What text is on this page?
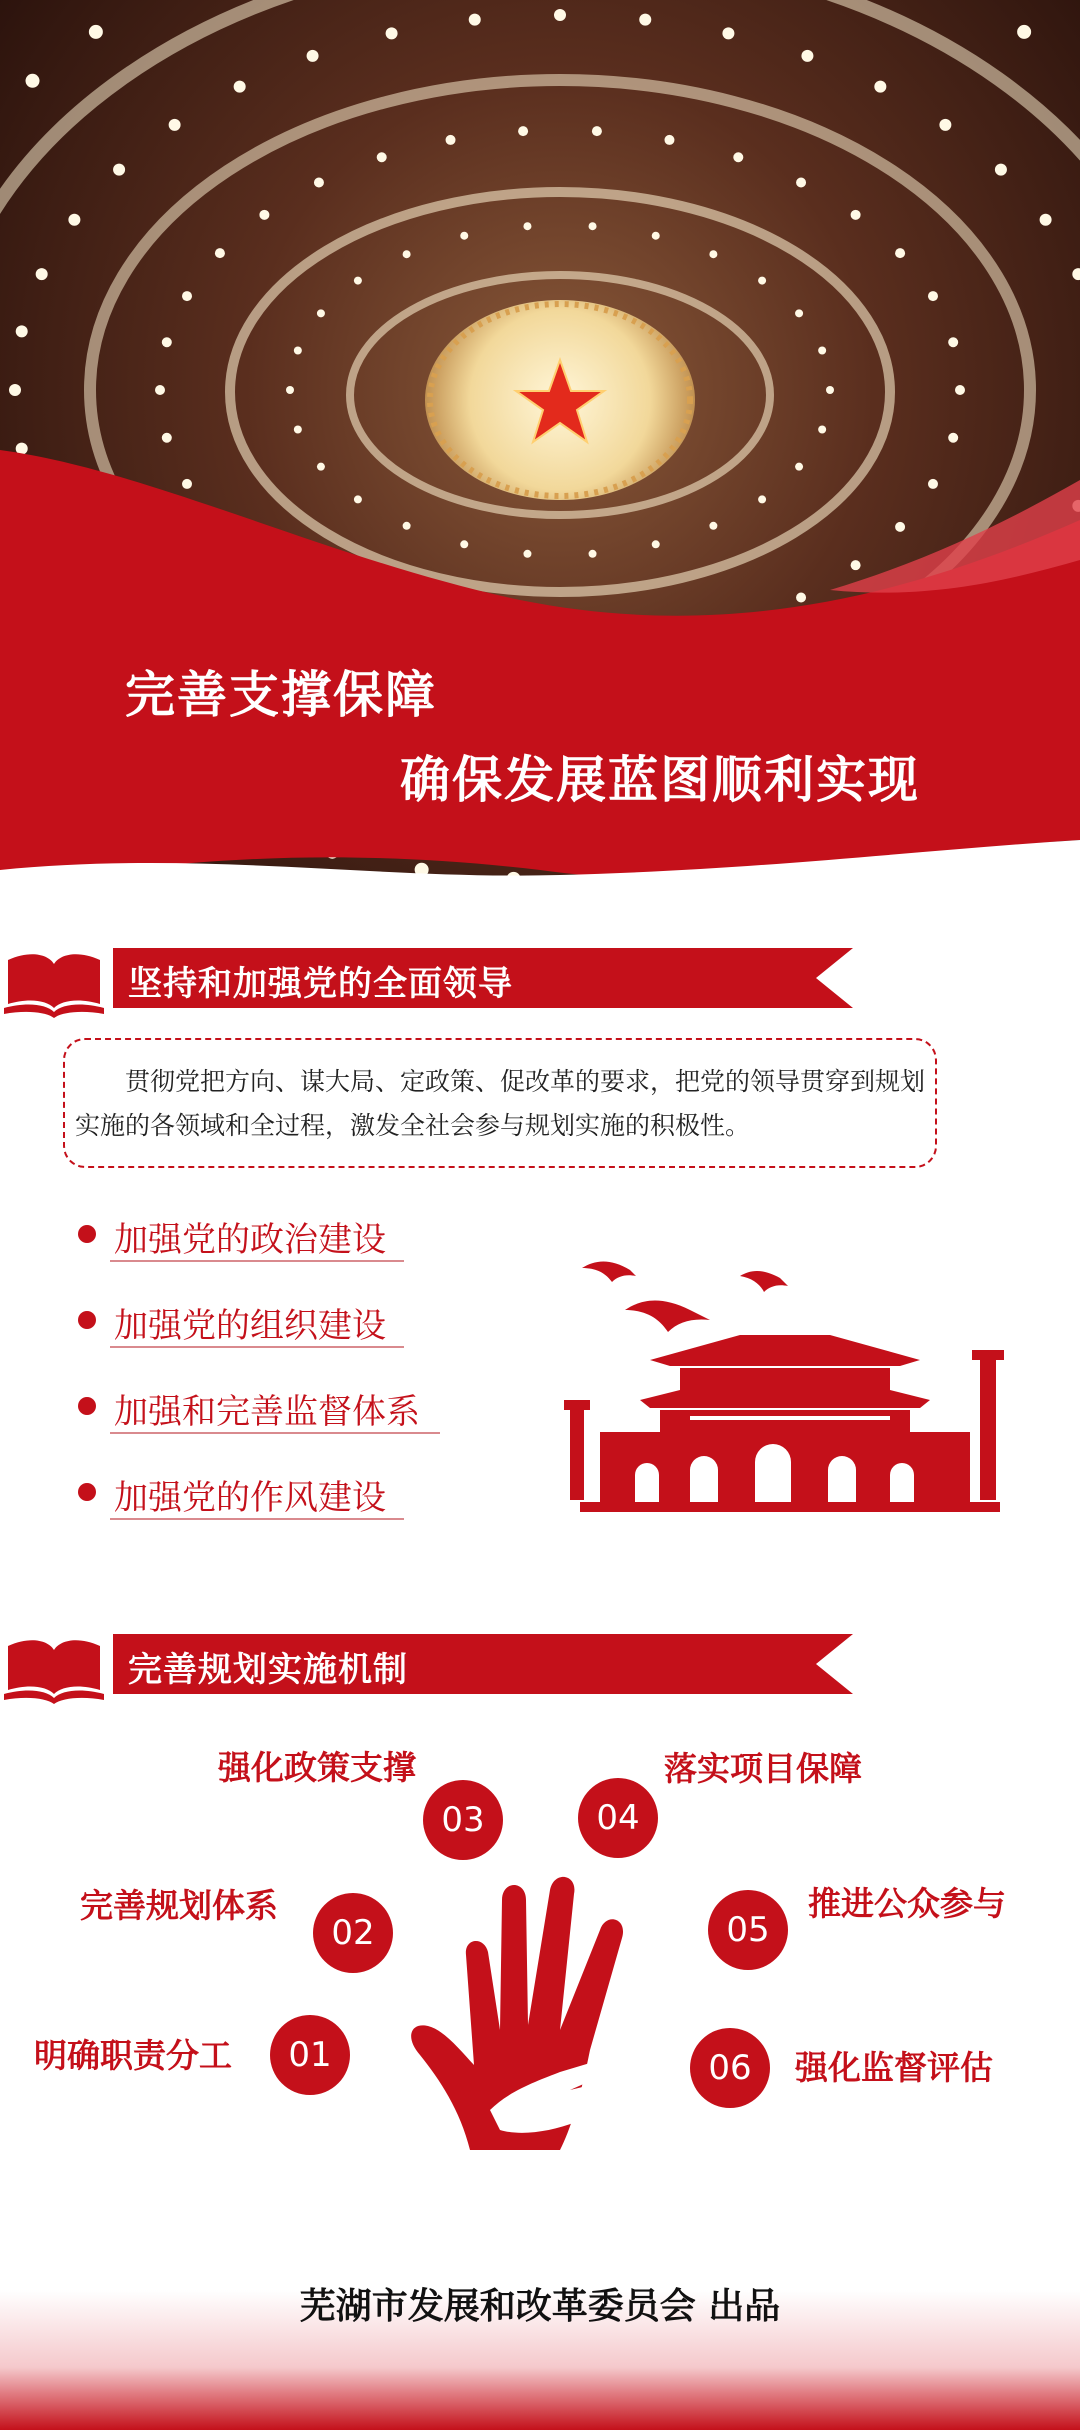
完善支撑保障
确保发展蓝图顺利实现
坚持和加强党的全面领导
贯彻党把方向、谋大局、定政策、促改革的要求，把党的领导贯穿到规划实施的各领域和全过程，激发全社会参与规划实施的积极性。
加强党的政治建设
加强党的组织建设
加强和完善监督体系
加强党的作风建设
完善规划实施机制
01
明确职责分工
02
完善规划体系
03
强化政策支撑
04
落实项目保障
05
推进公众参与
06	强化监督评估
芜湖市发展和改革委员会 出品
